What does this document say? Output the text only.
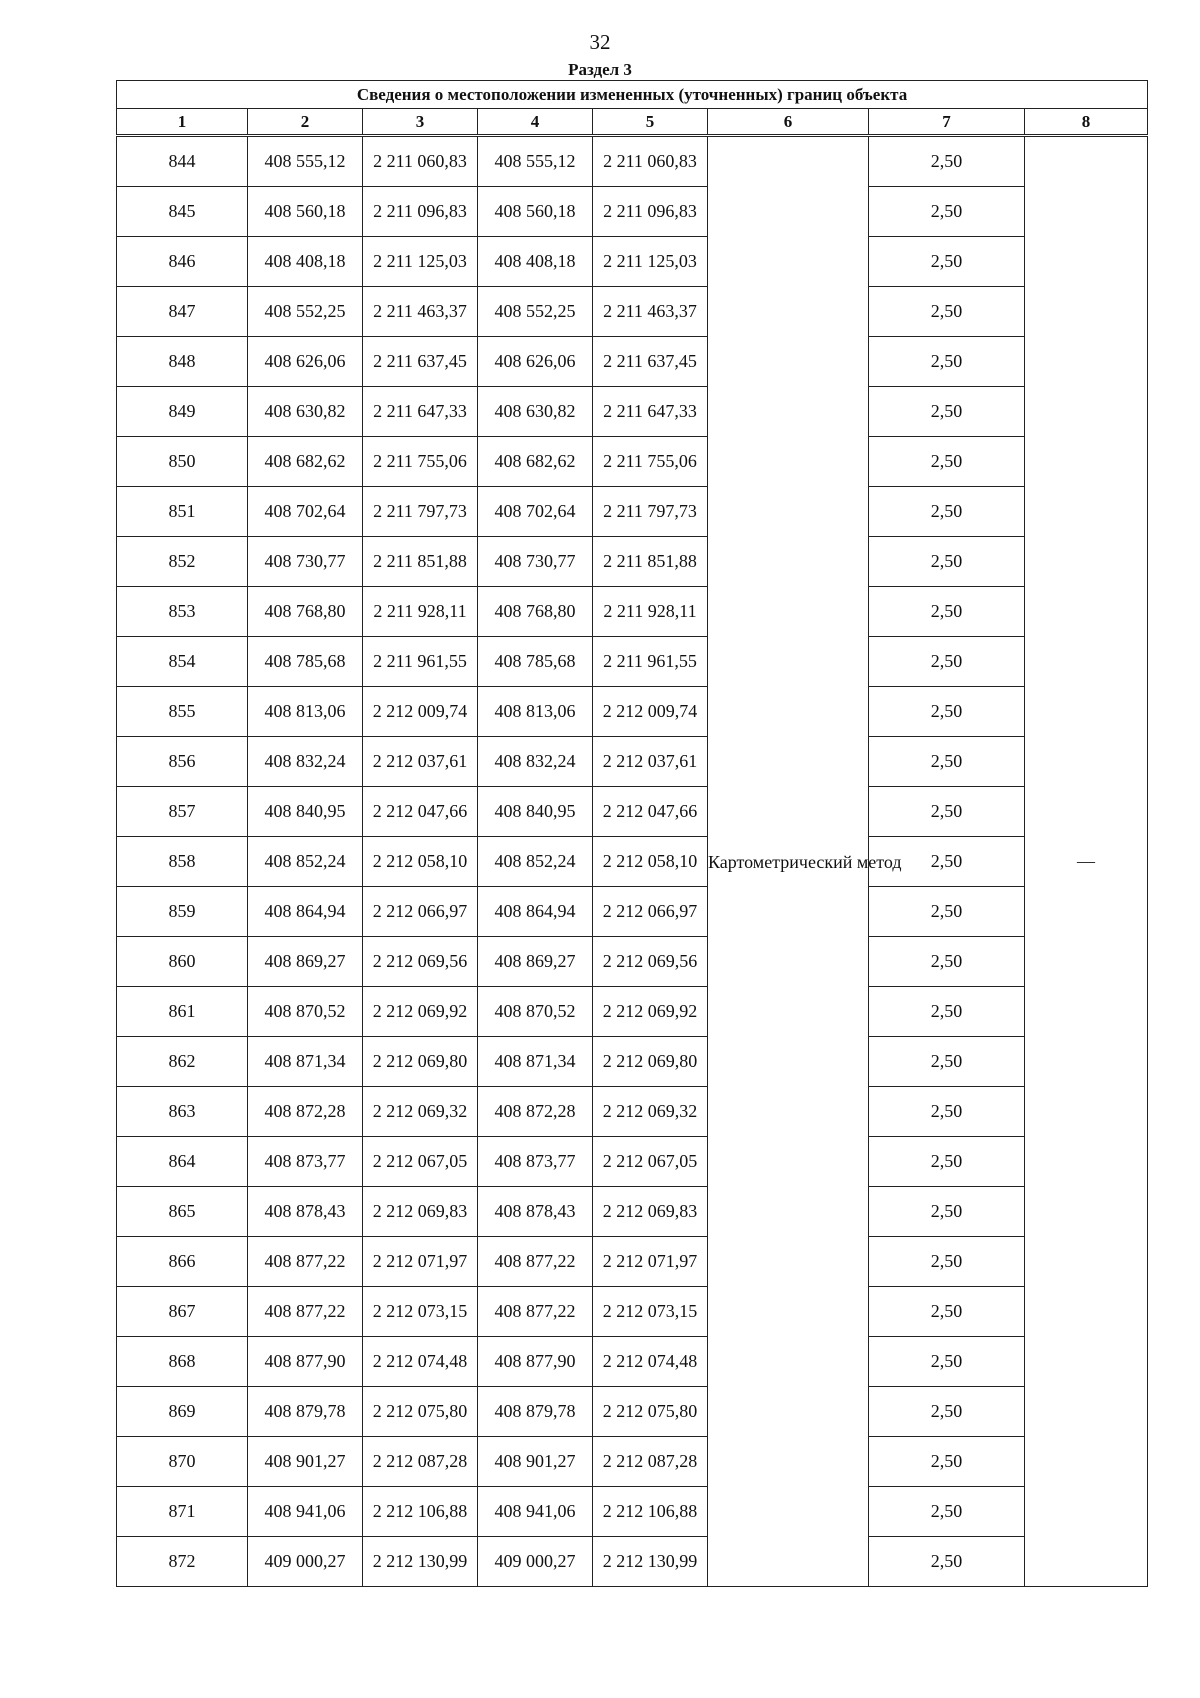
32
Раздел 3
Сведения о местоположении измененных (уточненных) границ объекта							
1	2	3	4	5	6	7	8
844	408 555,12	2 211 060,83	408 555,12	2 211 060,83	Картометрический метод	2,50	—
845	408 560,18	2 211 096,83	408 560,18	2 211 096,83		2,50	
846	408 408,18	2 211 125,03	408 408,18	2 211 125,03		2,50	
847	408 552,25	2 211 463,37	408 552,25	2 211 463,37		2,50	
848	408 626,06	2 211 637,45	408 626,06	2 211 637,45		2,50	
849	408 630,82	2 211 647,33	408 630,82	2 211 647,33		2,50	
850	408 682,62	2 211 755,06	408 682,62	2 211 755,06		2,50	
851	408 702,64	2 211 797,73	408 702,64	2 211 797,73		2,50	
852	408 730,77	2 211 851,88	408 730,77	2 211 851,88		2,50	
853	408 768,80	2 211 928,11	408 768,80	2 211 928,11		2,50	
854	408 785,68	2 211 961,55	408 785,68	2 211 961,55		2,50	
855	408 813,06	2 212 009,74	408 813,06	2 212 009,74		2,50	
856	408 832,24	2 212 037,61	408 832,24	2 212 037,61		2,50	
857	408 840,95	2 212 047,66	408 840,95	2 212 047,66		2,50	
858	408 852,24	2 212 058,10	408 852,24	2 212 058,10		2,50	
859	408 864,94	2 212 066,97	408 864,94	2 212 066,97		2,50	
860	408 869,27	2 212 069,56	408 869,27	2 212 069,56		2,50	
861	408 870,52	2 212 069,92	408 870,52	2 212 069,92		2,50	
862	408 871,34	2 212 069,80	408 871,34	2 212 069,80		2,50	
863	408 872,28	2 212 069,32	408 872,28	2 212 069,32		2,50	
864	408 873,77	2 212 067,05	408 873,77	2 212 067,05		2,50	
865	408 878,43	2 212 069,83	408 878,43	2 212 069,83		2,50	
866	408 877,22	2 212 071,97	408 877,22	2 212 071,97		2,50	
867	408 877,22	2 212 073,15	408 877,22	2 212 073,15		2,50	
868	408 877,90	2 212 074,48	408 877,90	2 212 074,48		2,50	
869	408 879,78	2 212 075,80	408 879,78	2 212 075,80		2,50	
870	408 901,27	2 212 087,28	408 901,27	2 212 087,28		2,50	
871	408 941,06	2 212 106,88	408 941,06	2 212 106,88		2,50	
872	409 000,27	2 212 130,99	409 000,27	2 212 130,99		2,50	
